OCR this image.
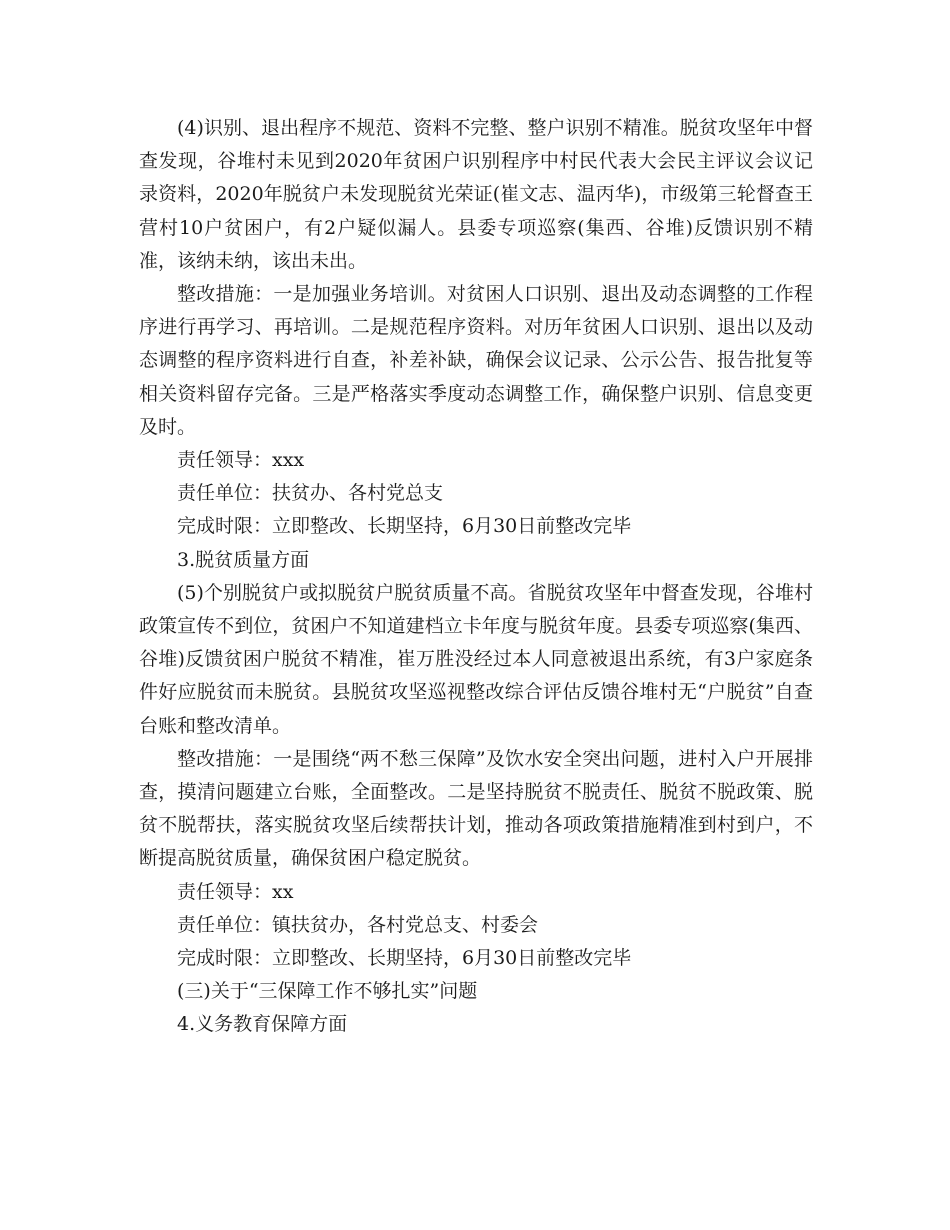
(4)识别、退出程序不规范、资料不完整、整户识别不精准。脱贫攻坚年中督查发现，谷堆村未见到2020年贫困户识别程序中村民代表大会民主评议会议记录资料，2020年脱贫户未发现脱贫光荣证(崔文志、温丙华)，市级第三轮督查王营村10户贫困户，有2户疑似漏人。县委专项巡察(集西、谷堆)反馈识别不精准，该纳未纳，该出未出。

整改措施：一是加强业务培训。对贫困人口识别、退出及动态调整的工作程序进行再学习、再培训。二是规范程序资料。对历年贫困人口识别、退出以及动态调整的程序资料进行自查，补差补缺，确保会议记录、公示公告、报告批复等相关资料留存完备。三是严格落实季度动态调整工作，确保整户识别、信息变更及时。

责任领导：xxx

责任单位：扶贫办、各村党总支

完成时限：立即整改、长期坚持，6月30日前整改完毕

3.脱贫质量方面

(5)个别脱贫户或拟脱贫户脱贫质量不高。省脱贫攻坚年中督查发现，谷堆村政策宣传不到位，贫困户不知道建档立卡年度与脱贫年度。县委专项巡察(集西、谷堆)反馈贫困户脱贫不精准，崔万胜没经过本人同意被退出系统，有3户家庭条件好应脱贫而未脱贫。县脱贫攻坚巡视整改综合评估反馈谷堆村无“户脱贫”自查台账和整改清单。

整改措施：一是围绕“两不愁三保障”及饮水安全突出问题，进村入户开展排查，摸清问题建立台账，全面整改。二是坚持脱贫不脱责任、脱贫不脱政策、脱贫不脱帮扶，落实脱贫攻坚后续帮扶计划，推动各项政策措施精准到村到户，不断提高脱贫质量，确保贫困户稳定脱贫。

责任领导：xx

责任单位：镇扶贫办，各村党总支、村委会

完成时限：立即整改、长期坚持，6月30日前整改完毕

(三)关于“三保障工作不够扎实”问题

4.义务教育保障方面
